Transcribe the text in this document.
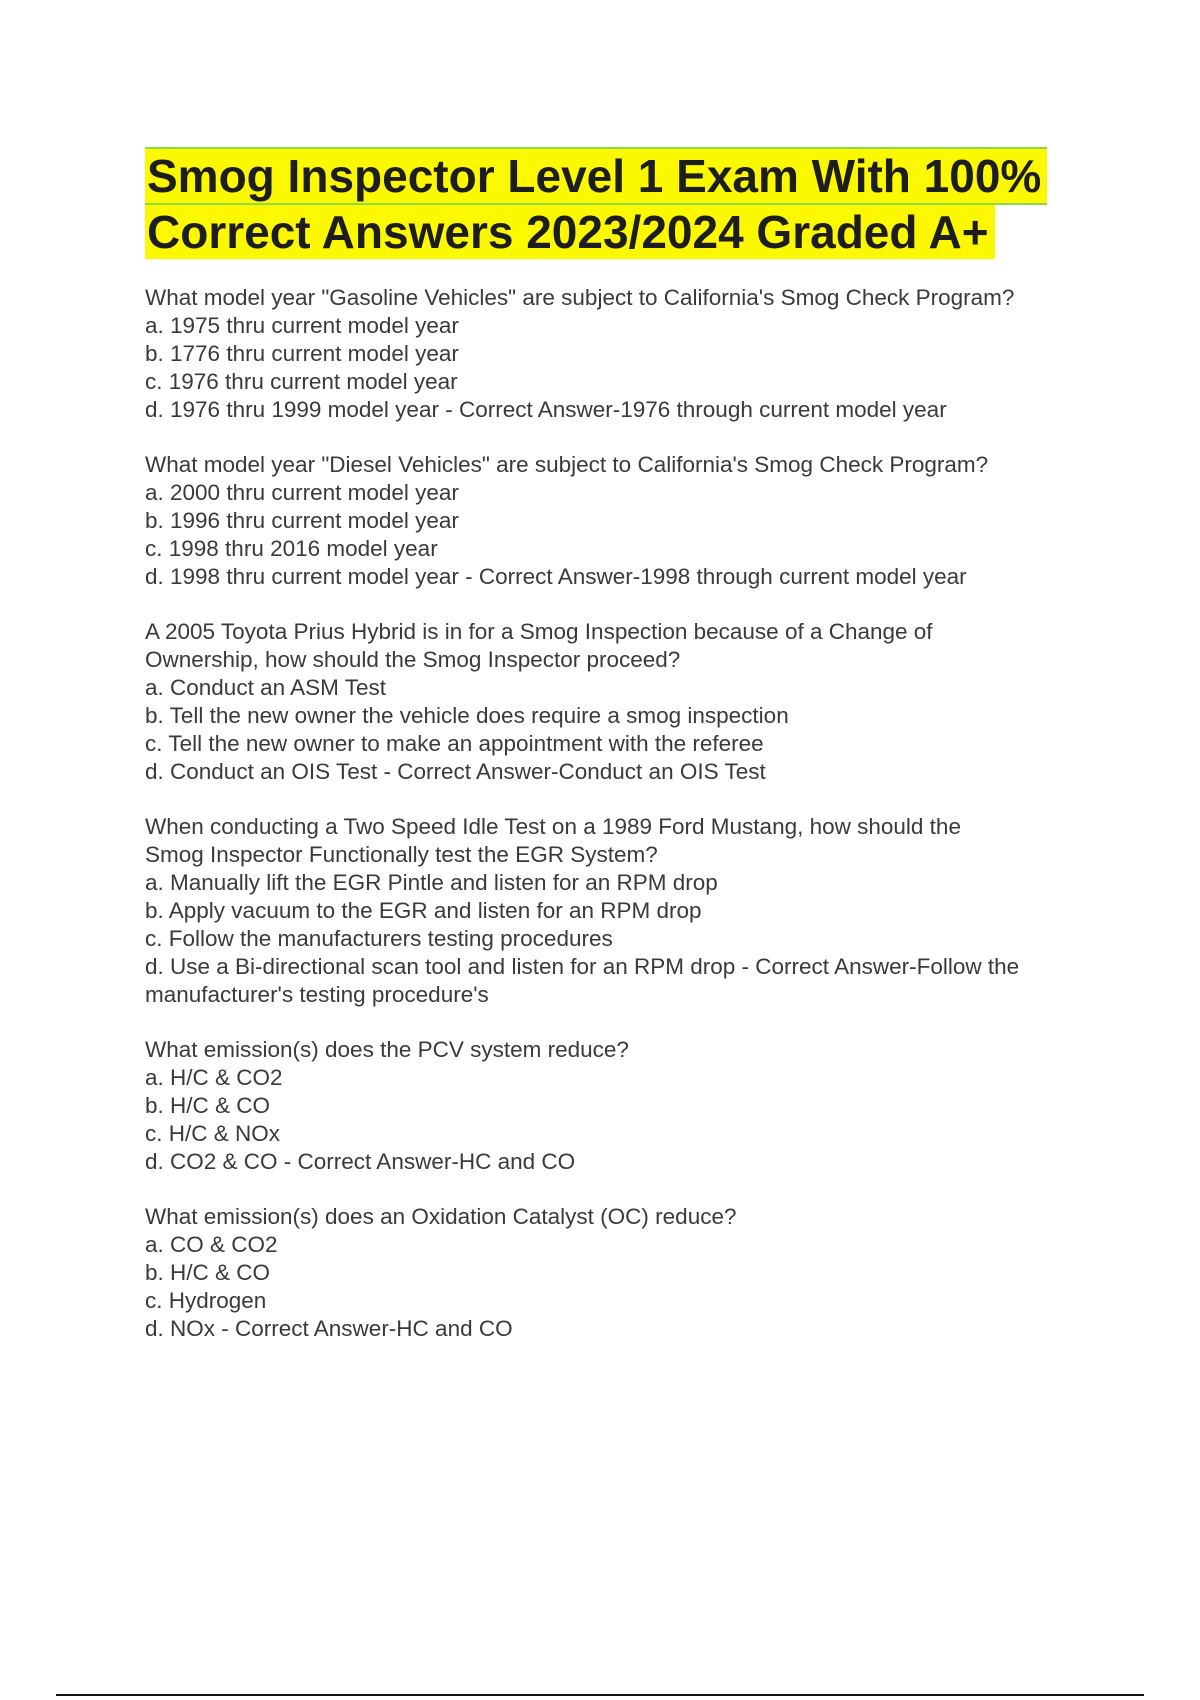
Smog Inspector Level 1 Exam With 100%
Correct Answers 2023/2024 Graded A+
What model year "Gasoline Vehicles" are subject to California's Smog Check Program?
a. 1975 thru current model year
b. 1776 thru current model year
c. 1976 thru current model year
d. 1976 thru 1999 model year - Correct Answer-1976 through current model year
What model year "Diesel Vehicles" are subject to California's Smog Check Program?
a. 2000 thru current model year
b. 1996 thru current model year
c. 1998 thru 2016 model year
d. 1998 thru current model year - Correct Answer-1998 through current model year
A 2005 Toyota Prius Hybrid is in for a Smog Inspection because of a Change of
Ownership, how should the Smog Inspector proceed?
a. Conduct an ASM Test
b. Tell the new owner the vehicle does require a smog inspection
c. Tell the new owner to make an appointment with the referee
d. Conduct an OIS Test - Correct Answer-Conduct an OIS Test
When conducting a Two Speed Idle Test on a 1989 Ford Mustang, how should the
Smog Inspector Functionally test the EGR System?
a. Manually lift the EGR Pintle and listen for an RPM drop
b. Apply vacuum to the EGR and listen for an RPM drop
c. Follow the manufacturers testing procedures
d. Use a Bi-directional scan tool and listen for an RPM drop - Correct Answer-Follow the
manufacturer's testing procedure's
What emission(s) does the PCV system reduce?
a. H/C & CO2
b. H/C & CO
c. H/C & NOx
d. CO2 & CO - Correct Answer-HC and CO
What emission(s) does an Oxidation Catalyst (OC) reduce?
a. CO & CO2
b. H/C & CO
c. Hydrogen
d. NOx - Correct Answer-HC and CO
